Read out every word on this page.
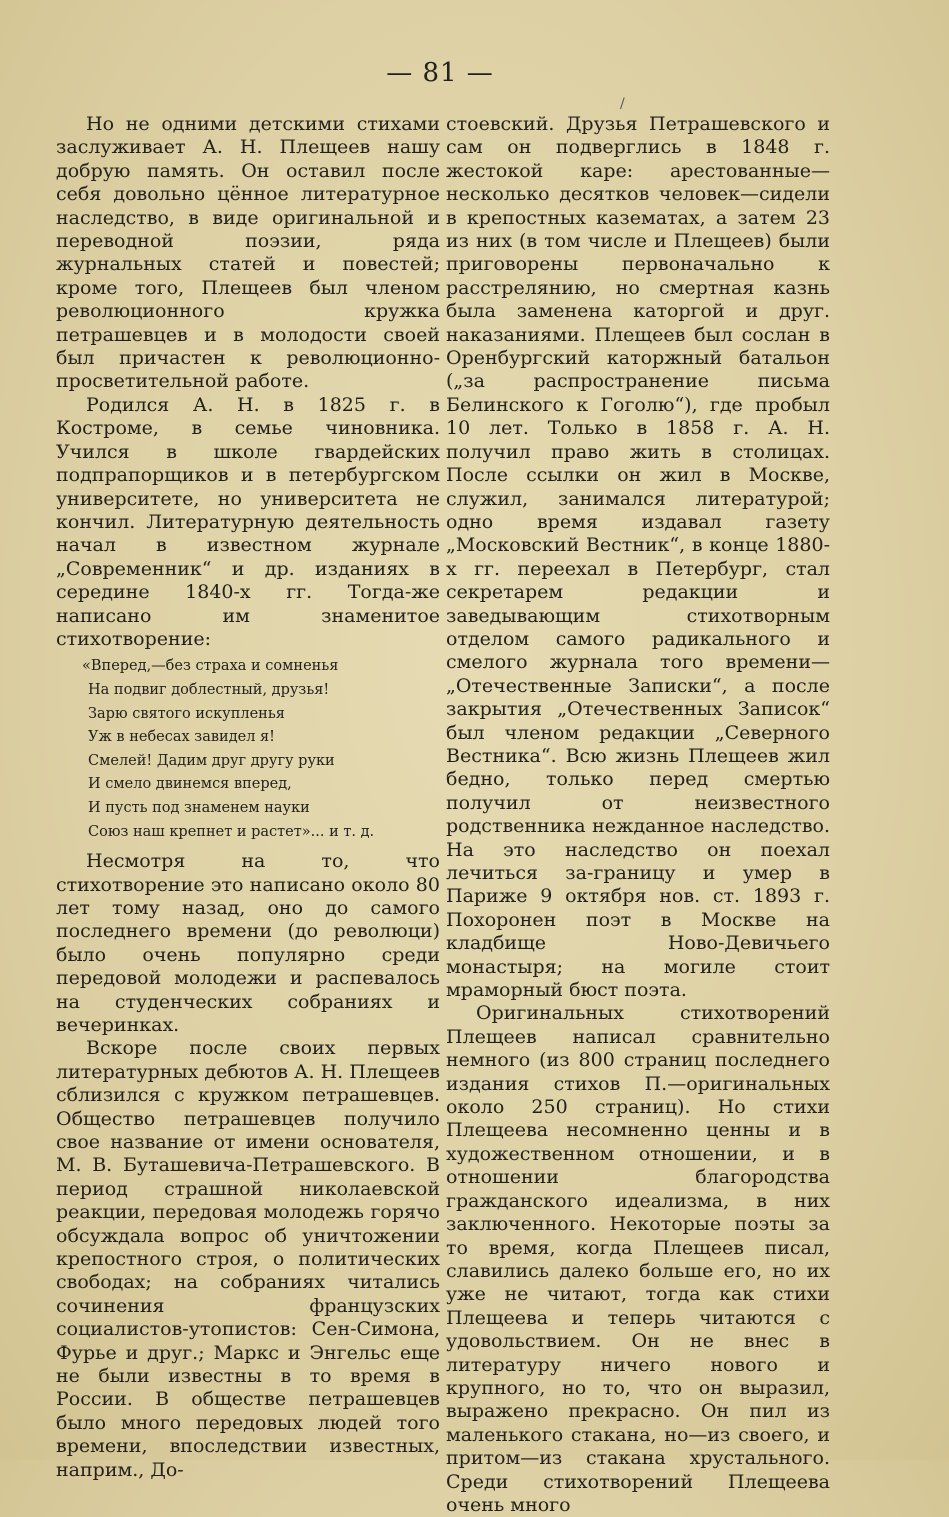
— 81 —
/

Но не одними детскими стихами заслуживает А. Н. Плещеев нашу добрую память. Он оставил после себя довольно цённое литературное наследство, в виде оригинальной и переводной поэзии, ряда журнальных статей и повестей; кроме того, Плещеев был членом революционного кружка петрашевцев и в молодости своей был причастен к революционно-просветительной работе.

Родился А. Н. в 1825 г. в Костроме, в семье чиновника. Учился в школе гвардейских подпрапорщиков и в петербургском университете, но университета не кончил. Литературную деятельность начал в известном журнале „Современник“ и др. изданиях в середине 1840-х гг. Тогда-же написано им знаменитое стихотворение:

«Вперед,—без страха и сомненья
На подвиг доблестный, друзья!
Зарю святого искупленья
Уж в небесах завидел я!
Смелей! Дадим друг другу руки
И смело двинемся вперед,
И пусть под знаменем науки
Союз наш крепнет и растет»... и т. д.

Несмотря на то, что стихотворение это написано около 80 лет тому назад, оно до самого последнего времени (до революци) было очень популярно среди передовой молодежи и распевалось на студенческих собраниях и вечеринках.

Вскоре после своих первых литературных дебютов А. Н. Плещеев сблизился с кружком петрашевцев. Общество петрашевцев получило свое название от имени основателя, М. В. Буташевича-Петрашевского. В период страшной николаевской реакции, передовая молодежь горячо обсуждала вопрос об уничтожении крепостного строя, о политических свободах; на собраниях читались сочинения французских социалистов-утопистов: Сен-Симона, Фурье и друг.; Маркс и Энгельс еще не были известны в то время в России. В обществе петрашевцев было много передовых людей того времени, впоследствии известных, наприм., До-

стоевский. Друзья Петрашевского и сам он подверглись в 1848 г. жестокой каре: арестованные—несколько десятков человек—сидели в крепостных казематах, а затем 23 из них (в том числе и Плещеев) были приговорены первоначально к расстрелянию, но смертная казнь была заменена каторгой и друг. наказаниями. Плещеев был сослан в Оренбургский каторжный батальон („за распространение письма Белинского к Гоголю“), где пробыл 10 лет. Только в 1858 г. А. Н. получил право жить в столицах. После ссылки он жил в Москве, служил, занимался литературой; одно время издавал газету „Московский Вестник“, в конце 1880-х гг. переехал в Петербург, стал секретарем редакции и заведывающим стихотворным отделом самого радикального и смелого журнала того времени—„Отечественные Записки“, а после закрытия „Отечественных Записок“ был членом редакции „Северного Вестника“. Всю жизнь Плещеев жил бедно, только перед смертью получил от неизвестного родственника нежданное наследство. На это наследство он поехал лечиться за-границу и умер в Париже 9 октября нов. ст. 1893 г. Похоронен поэт в Москве на кладбище Ново-Девичьего монастыря; на могиле стоит мраморный бюст поэта.

Оригинальных стихотворений Плещеев написал сравнительно немного (из 800 страниц последнего издания стихов П.—оригинальных около 250 страниц). Но стихи Плещеева несомненно ценны и в художественном отношении, и в отношении благородства гражданского идеализма, в них заключенного. Некоторые поэты за то время, когда Плещеев писал, славились далеко больше его, но их уже не читают, тогда как стихи Плещеева и теперь читаются с удовольствием. Он не внес в литературу ничего нового и крупного, но то, что он выразил, выражено прекрасно. Он пил из маленького стакана, но—из своего, и притом—из стакана хрустального. Среди стихотворений Плещеева очень много
